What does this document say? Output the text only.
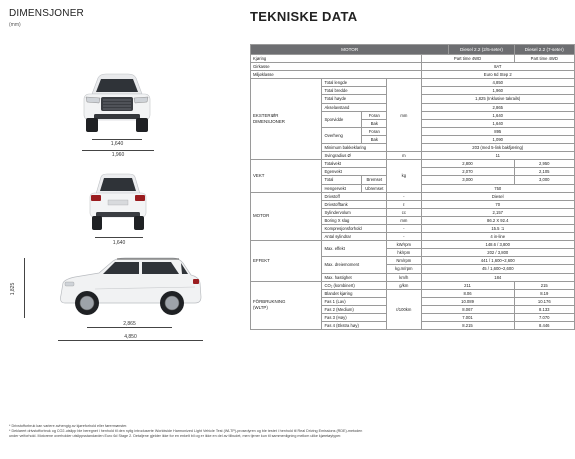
DIMENSJONER
(mm)
1,640
1,960
1,640
1,825
2,865
4,850
TEKNISKE DATA
MOTOR					Diesel 2.2 (2/5-seter)	Diesel 2.2 (7-seter)
Kjøring				Part time 4WD		Part time 4WD
Girkasse				8AT		
Miljøklasse				Euro 6d Step 2		
EKSTERIØR
DIMENSJONER	Total lengde		mm	4,850		
	Total bredde			1,960		
	Total høyde			1,825 (Inklusive takrails)		
	Akselavstand			2,865		
	Sporvidde	Foran		1,640		
		Bak		1,640		
	Overheng	Foran		895		
		Bak		1,090		
	Minimum bakkeklaring			203 (med 5-link bakfjæring)		
	Svingradius Ø		m	11		
VEKT	Totalvekt		kg	2,800		2,950
	Egenvekt			2,070		2,105
	Total	Bremset		3,000		3,000
	Hengervekt	Ubremset		750		
MOTOR	Drivstoff		-	Diesel		
	Drivstofftank		ℓ	70		
	Sylindervolum		cc	2,157		
	Boring X slag		mm	86.2 X 92.4		
	Kompresjonsforhold		-	15.5 :1		
	Antal sylindrar		-	4 in-line		
EFFEKT	Max. effekt		kW/rpm	148.6 / 3,800		
			hk/rpm	202 / 3,800		
	Max. dreiemoment		Nm/rpm	441 / 1,600~2,600		
			kg.m/rpm	45 / 1,600~2,600		
	Max. hastighet		km/h	184		
FÖRBRUKNING
(WLTP)	CO₂ (kombinert)		g/km	211		215
	Blandet kjøring		ℓ/100km	8.06		8.19
	Fas 1 (Lav)			10.089		10.176
	Fas 2 (Medium)			8.067		8.133
	Fas 3 (Høy)			7.001		7.070
	Fas 4 (Ekstra høy)			8.215		8.446
* Drivstofforbruk kan variere avhengig av kjøreforhold eller førermønster.
* Deklarert drivstofforbruk og CO2-utslipp ble beregnet i henhold til den nylig introduserte Worldwide Harmonized Light Vehicle Test (WLTP)-prosedyren og ble testet i henhold til Real Driving Emissions (RDE)-metoden
under veiforhold. Motorene overholder utslippsstandarden Euro 6d Stage 2. Detaljene gjelder ikke for en enkelt bil og er ikke en del av tilbudet, men tjener kun til sammenligning mellom ulike kjøretøytyper.
